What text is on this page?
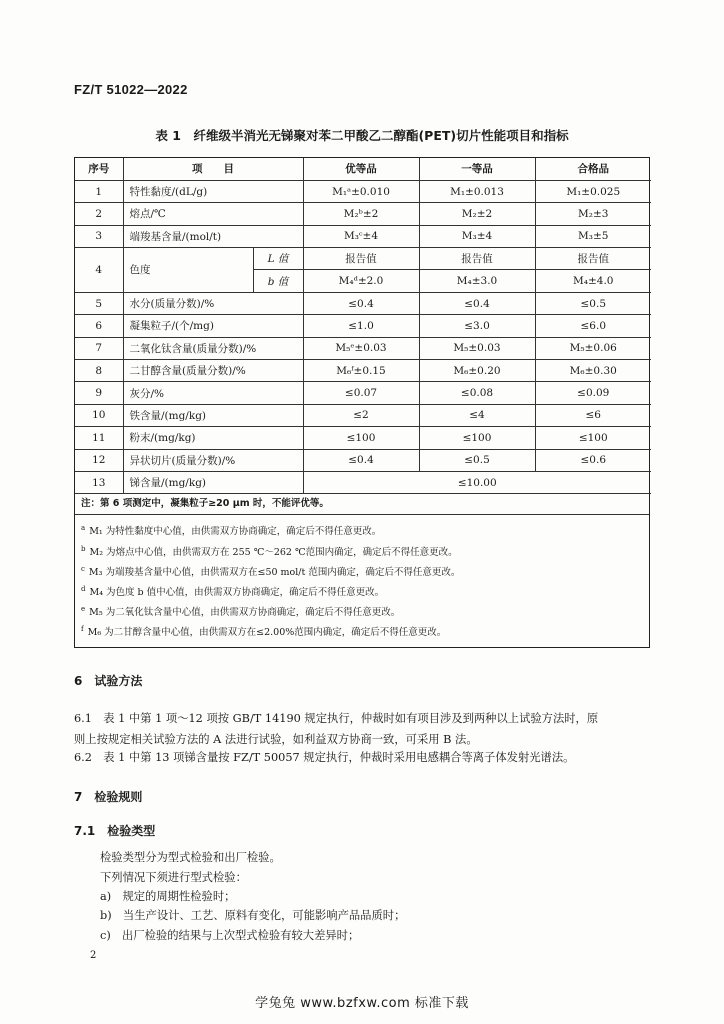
FZ/T 51022—2022
表 1　纤维级半消光无锑聚对苯二甲酸乙二醇酯(PET)切片性能项目和指标
序号	项　　目		优等品	一等品	合格品
1	特性黏度/(dL/g)		M₁ᵃ±0.010	M₁±0.013	M₁±0.025
2	熔点/℃		M₂ᵇ±2	M₂±2	M₂±3
3	端羧基含量/(mol/t)		M₃ᶜ±4	M₃±4	M₃±5
4	色度	L 值	报告值	报告值	报告值
		b 值	M₄ᵈ±2.0	M₄±3.0	M₄±4.0
5	水分(质量分数)/%		≤0.4	≤0.4	≤0.5
6	凝集粒子/(个/mg)		≤1.0	≤3.0	≤6.0
7	二氧化钛含量(质量分数)/%		M₅ᵉ±0.03	M₅±0.03	M₅±0.06
8	二甘醇含量(质量分数)/%		M₆ᶠ±0.15	M₆±0.20	M₆±0.30
9	灰分/%		≤0.07	≤0.08	≤0.09
10	铁含量/(mg/kg)		≤2	≤4	≤6
11	粉末/(mg/kg)		≤100	≤100	≤100
12	异状切片(质量分数)/%		≤0.4	≤0.5	≤0.6
13	锑含量/(mg/kg)		≤10.00		
注：第 6 项测定中，凝集粒子≥20 μm 时，不能评优等。
$^a$ M₁ 为特性黏度中心值，由供需双方协商确定，确定后不得任意更改。
$^b$ M₂ 为熔点中心值，由供需双方在 255 ℃～262 ℃范围内确定，确定后不得任意更改。
$^c$ M₃ 为端羧基含量中心值，由供需双方在≤50 mol/t 范围内确定，确定后不得任意更改。
$^d$ M₄ 为色度 b 值中心值，由供需双方协商确定，确定后不得任意更改。
$^e$ M₅ 为二氧化钛含量中心值，由供需双方协商确定，确定后不得任意更改。
$^f$ M₆ 为二甘醇含量中心值，由供需双方在≤2.00%范围内确定，确定后不得任意更改。
6　试验方法
6.1　表 1 中第 1 项～12 项按 GB/T 14190 规定执行，仲裁时如有项目涉及到两种以上试验方法时，原
则上按规定相关试验方法的 A 法进行试验，如利益双方协商一致，可采用 B 法。
6.2　表 1 中第 13 项锑含量按 FZ/T 50057 规定执行，仲裁时采用电感耦合等离子体发射光谱法。
7　检验规则
7.1　检验类型
检验类型分为型式检验和出厂检验。
下列情况下须进行型式检验：
a)　规定的周期性检验时；
b)　当生产设计、工艺、原料有变化，可能影响产品品质时；
c)　出厂检验的结果与上次型式检验有较大差异时；
2
学兔兔 www.bzfxw.com 标准下载
